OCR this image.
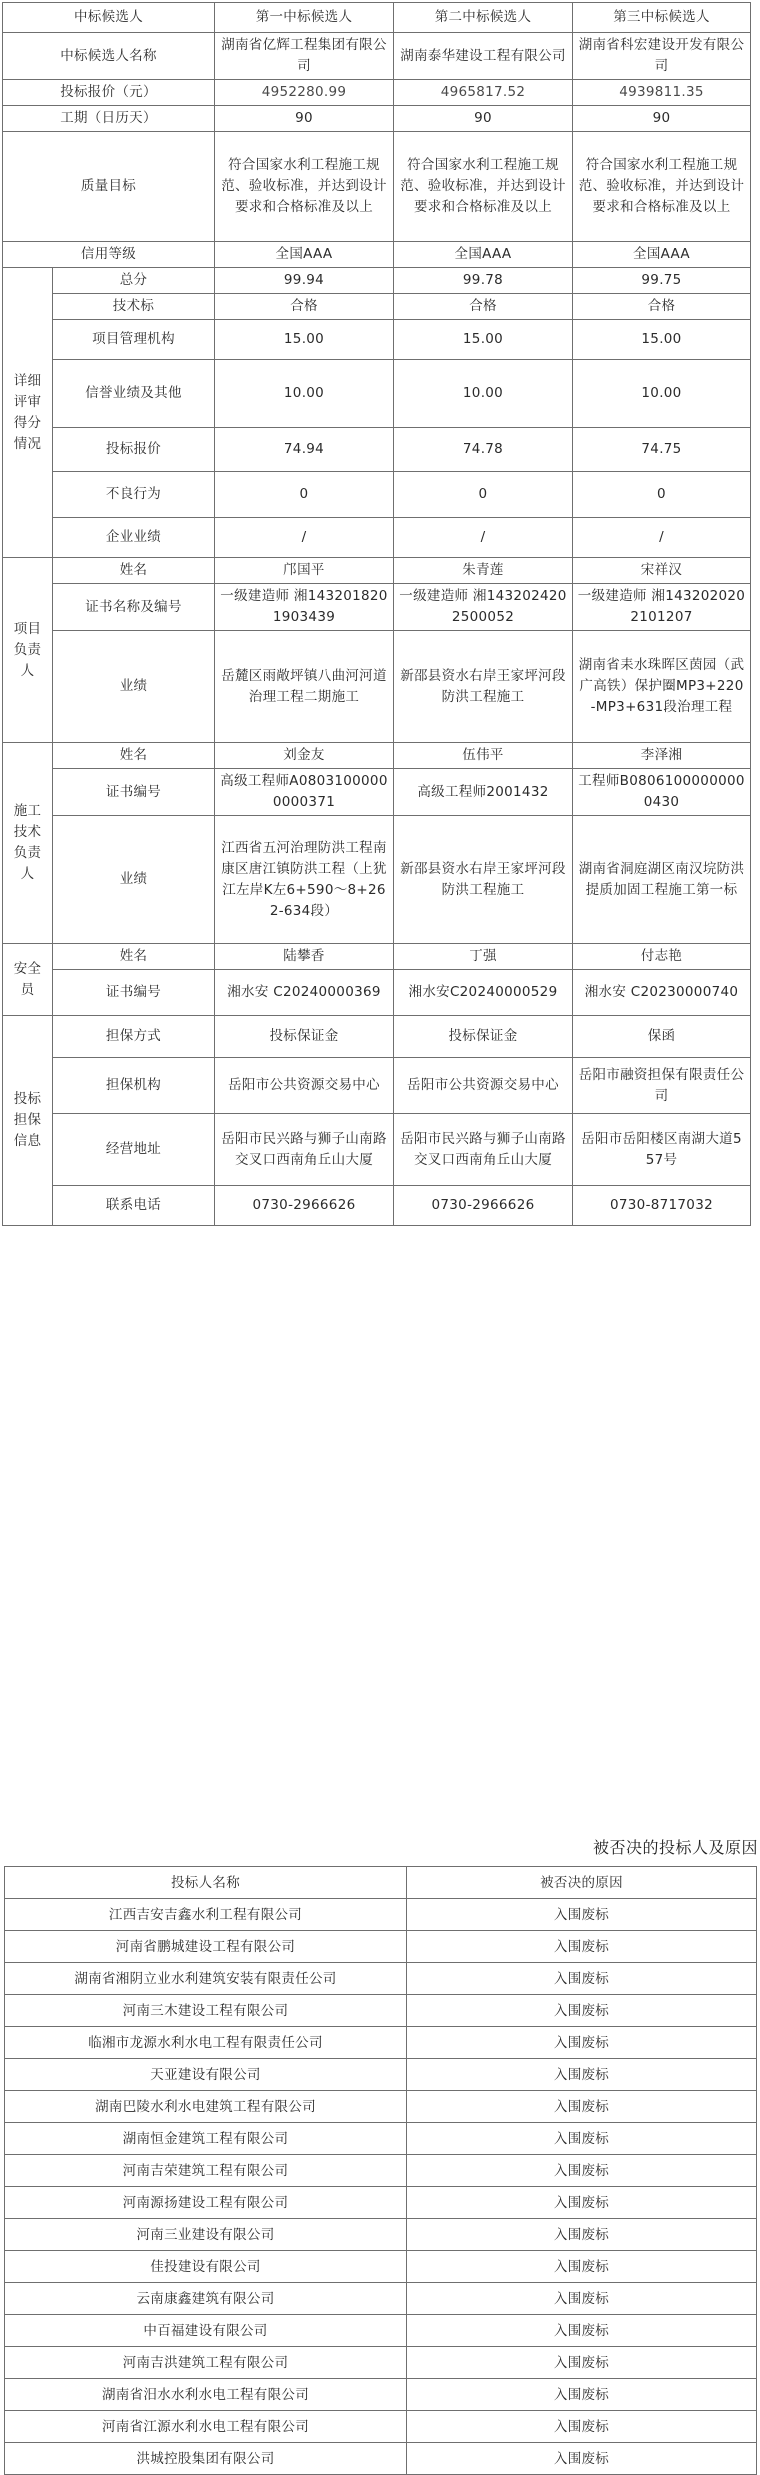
中标候选人		第一中标候选人	第二中标候选人	第三中标候选人
中标候选人名称		湖南省亿辉工程集团有限公司	湖南泰华建设工程有限公司	湖南省科宏建设开发有限公司
投标报价（元）		4952280.99	4965817.52	4939811.35
工期（日历天）		90	90	90
质量目标		符合国家水利工程施工规范、验收标准，并达到设计要求和合格标准及以上	符合国家水利工程施工规范、验收标准，并达到设计要求和合格标准及以上	符合国家水利工程施工规范、验收标准，并达到设计要求和合格标准及以上
信用等级		全国AAA	全国AAA	全国AAA
详细评审得分情况	总分	99.94	99.78	99.75
	技术标	合格	合格	合格
	项目管理机构	15.00	15.00	15.00
	信誉业绩及其他	10.00	10.00	10.00
	投标报价	74.94	74.78	74.75
	不良行为	0	0	0
	企业业绩	/	/	/
项目负责人	姓名	邝国平	朱青莲	宋祥汉
	证书名称及编号	一级建造师 湘1432018201903439	一级建造师 湘1432024202500052	一级建造师 湘1432020202101207
	业绩	岳麓区雨敞坪镇八曲河河道治理工程二期施工	新邵县资水右岸王家坪河段防洪工程施工	湖南省耒水珠晖区茵园（武广高铁）保护圈MP3+220-MP3+631段治理工程
施工技术负责人	姓名	刘金友	伍伟平	李泽湘
	证书编号	高级工程师A08031000000000371	高级工程师2001432	工程师B08061000000000430
	业绩	江西省五河治理防洪工程南康区唐江镇防洪工程（上犹江左岸K左6+590～8+262-634段）	新邵县资水右岸王家坪河段防洪工程施工	湖南省洞庭湖区南汉垸防洪提质加固工程施工第一标
安全员	姓名	陆攀香	丁强	付志艳
	证书编号	湘水安 C20240000369	湘水安C20240000529	湘水安 C20230000740
投标担保信息	担保方式	投标保证金	投标保证金	保函
	担保机构	岳阳市公共资源交易中心	岳阳市公共资源交易中心	岳阳市融资担保有限责任公司
	经营地址	岳阳市民兴路与狮子山南路交叉口西南角丘山大厦	岳阳市民兴路与狮子山南路交叉口西南角丘山大厦	岳阳市岳阳楼区南湖大道557号
	联系电话	0730-2966626	0730-2966626	0730-8717032
被否决的投标人及原因
投标人名称	被否决的原因
江西吉安吉鑫水利工程有限公司	入围废标
河南省鹏城建设工程有限公司	入围废标
湖南省湘阴立业水利建筑安装有限责任公司	入围废标
河南三木建设工程有限公司	入围废标
临湘市龙源水利水电工程有限责任公司	入围废标
天亚建设有限公司	入围废标
湖南巴陵水利水电建筑工程有限公司	入围废标
湖南恒金建筑工程有限公司	入围废标
河南吉荣建筑工程有限公司	入围废标
河南源扬建设工程有限公司	入围废标
河南三业建设有限公司	入围废标
佳投建设有限公司	入围废标
云南康鑫建筑有限公司	入围废标
中百福建设有限公司	入围废标
河南吉洪建筑工程有限公司	入围废标
湖南省汨水水利水电工程有限公司	入围废标
河南省江源水利水电工程有限公司	入围废标
洪城控股集团有限公司	入围废标
